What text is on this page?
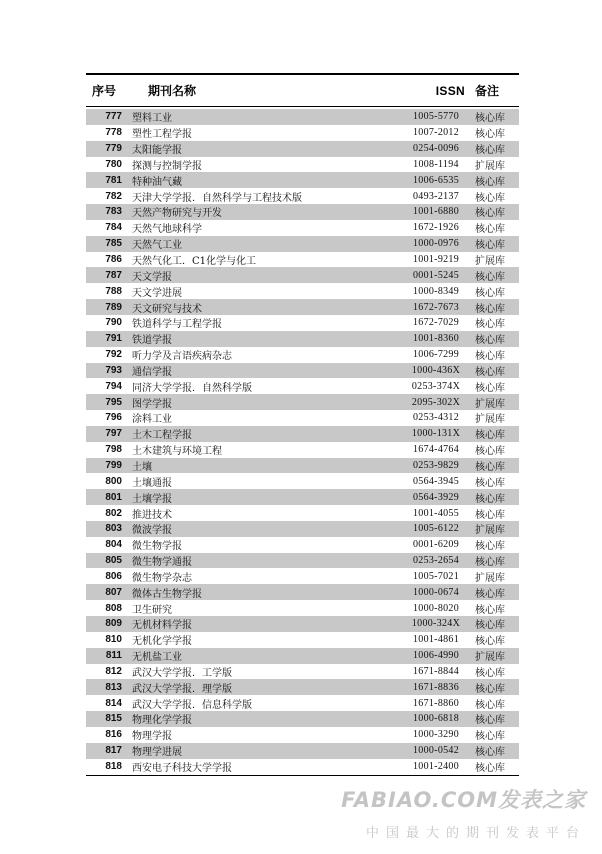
序号	期刊名称	ISSN 备注
777	塑料工业	1005-5770	核心库
778	塑性工程学报	1007-2012	核心库
779	太阳能学报	0254-0096	核心库
780	探测与控制学报	1008-1194	扩展库
781	特种油气藏	1006-6535	核心库
782	天津大学学报．自然科学与工程技术版	0493-2137	核心库
783	天然产物研究与开发	1001-6880	核心库
784	天然气地球科学	1672-1926	核心库
785	天然气工业	1000-0976	核心库
786	天然气化工．C1化学与化工	1001-9219	扩展库
787	天文学报	0001-5245	核心库
788	天文学进展	1000-8349	核心库
789	天文研究与技术	1672-7673	核心库
790	铁道科学与工程学报	1672-7029	核心库
791	铁道学报	1001-8360	核心库
792	听力学及言语疾病杂志	1006-7299	核心库
793	通信学报	1000-436X	核心库
794	同济大学学报．自然科学版	0253-374X	核心库
795	图学学报	2095-302X	扩展库
796	涂料工业	0253-4312	扩展库
797	土木工程学报	1000-131X	核心库
798	土木建筑与环境工程	1674-4764	核心库
799	土壤	0253-9829	核心库
800	土壤通报	0564-3945	核心库
801	土壤学报	0564-3929	核心库
802	推进技术	1001-4055	核心库
803	微波学报	1005-6122	扩展库
804	微生物学报	0001-6209	核心库
805	微生物学通报	0253-2654	核心库
806	微生物学杂志	1005-7021	扩展库
807	微体古生物学报	1000-0674	核心库
808	卫生研究	1000-8020	核心库
809	无机材料学报	1000-324X	核心库
810	无机化学学报	1001-4861	核心库
811	无机盐工业	1006-4990	扩展库
812	武汉大学学报．工学版	1671-8844	核心库
813	武汉大学学报．理学版	1671-8836	核心库
814	武汉大学学报．信息科学版	1671-8860	核心库
815	物理化学学报	1000-6818	核心库
816	物理学报	1000-3290	核心库
817	物理学进展	1000-0542	核心库
818	西安电子科技大学学报	1001-2400	核心库
FABIAO.COM发表之家
中国最大的期刊发表平台
